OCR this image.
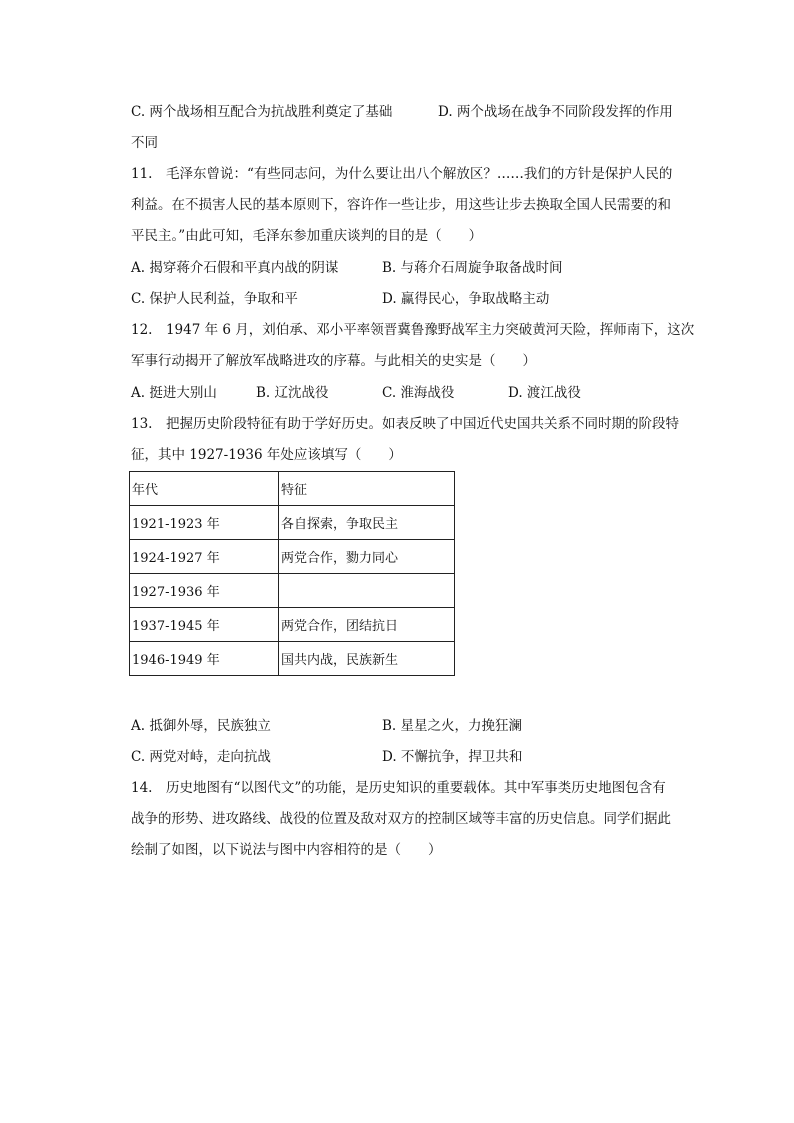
C. 两个战场相互配合为抗战胜利奠定了基础	D. 两个战场在战争不同阶段发挥的作用
不同
11.　毛泽东曾说：“有些同志问，为什么要让出八个解放区？……我们的方针是保护人民的
利益。在不损害人民的基本原则下，容许作一些让步，用这些让步去换取全国人民需要的和
平民主。”由此可知，毛泽东参加重庆谈判的目的是（　　）
A. 揭穿蒋介石假和平真内战的阴谋	B. 与蒋介石周旋争取备战时间
C. 保护人民利益，争取和平	D. 赢得民心，争取战略主动
12.　1947 年 6 月，刘伯承、邓小平率领晋冀鲁豫野战军主力突破黄河天险，挥师南下，这次
军事行动揭开了解放军战略进攻的序幕。与此相关的史实是（　　）
A. 挺进大别山	B. 辽沈战役	C. 淮海战役	D. 渡江战役
13.　把握历史阶段特征有助于学好历史。如表反映了中国近代史国共关系不同时期的阶段特
征，其中 1927-1936 年处应该填写（　　）
年代	特征
1921-1923 年	各自探索，争取民主
1924-1927 年	两党合作，勠力同心
1927-1936 年	
1937-1945 年	两党合作，团结抗日
1946-1949 年	国共内战，民族新生
A. 抵御外辱，民族独立	B. 星星之火，力挽狂澜
C. 两党对峙，走向抗战	D. 不懈抗争，捍卫共和
14.　历史地图有“以图代文”的功能，是历史知识的重要载体。其中军事类历史地图包含有
战争的形势、进攻路线、战役的位置及敌对双方的控制区域等丰富的历史信息。同学们据此
绘制了如图，以下说法与图中内容相符的是（　　）
